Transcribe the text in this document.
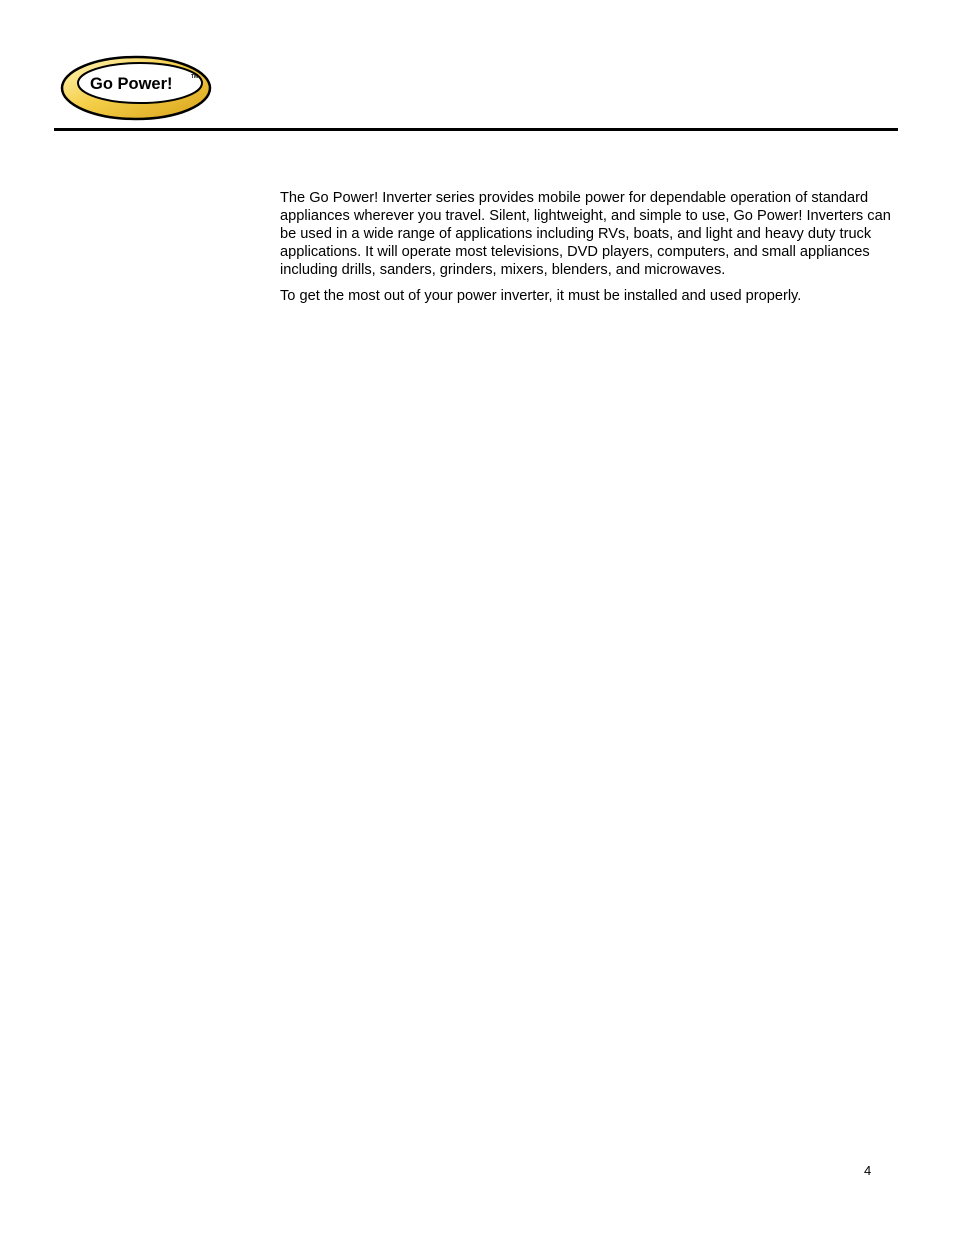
Go Power!	TM

The Go Power! Inverter series provides mobile power for dependable operation of standard appliances wherever you travel. Silent, lightweight, and simple to use, Go Power! Inverters can be used in a wide range of applications including RVs, boats, and light and heavy duty truck applications. It will operate most televisions, DVD players, computers, and small appliances including drills, sanders, grinders, mixers, blenders, and microwaves.

To get the most out of your power inverter, it must be installed and used properly.

4
